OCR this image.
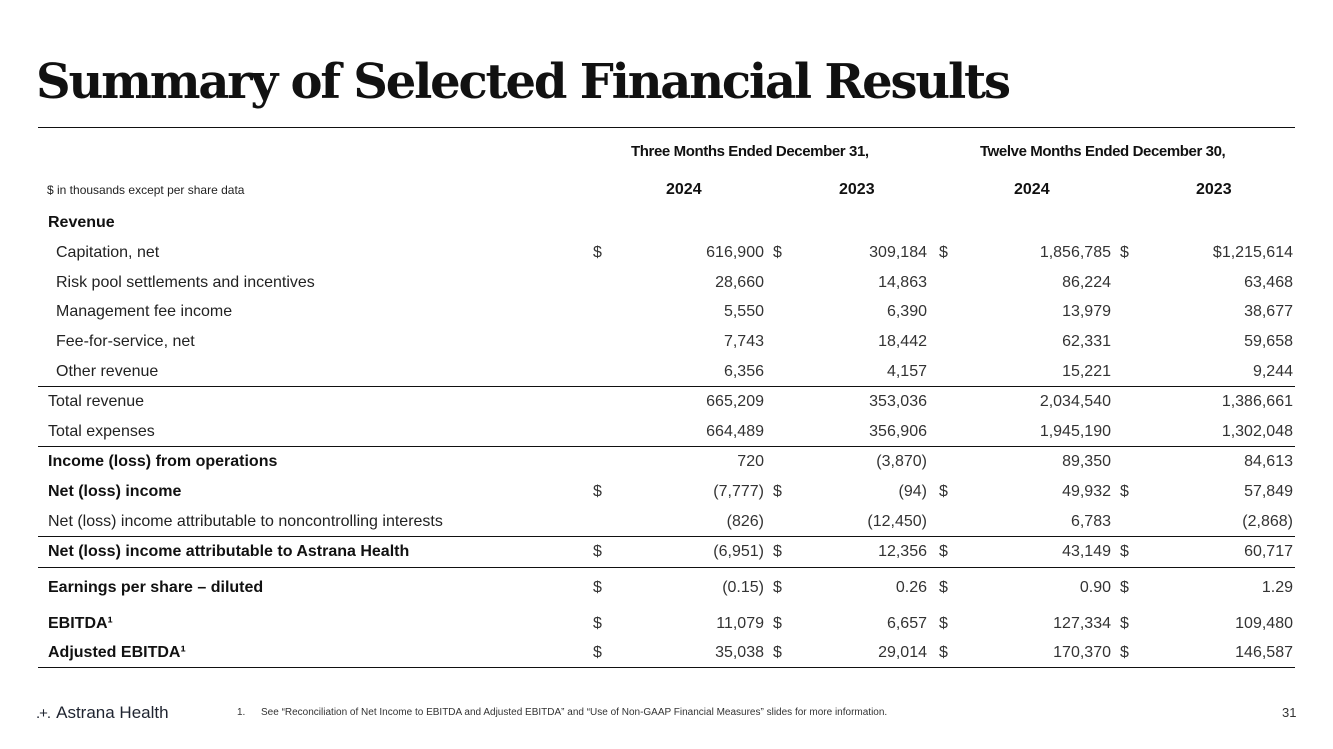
Summary of Selected Financial Results
Three Months Ended December 31,	Twelve Months Ended December 30,
$ in thousands except per share data	2024	2023	2024	2023
Revenue
Capitation, net	$	616,900 $	309,184 $	1,856,785 $	$1,215,614
Risk pool settlements and incentives	28,660	14,863	86,224	63,468
Management fee income	5,550	6,390	13,979	38,677
Fee-for-service, net	7,743	18,442	62,331	59,658
Other revenue	6,356	4,157	15,221	9,244
Total revenue	665,209	353,036	2,034,540	1,386,661
Total expenses	664,489	356,906	1,945,190	1,302,048
Income (loss) from operations	720	(3,870)	89,350	84,613
Net (loss) income	$	(7,777) $	(94) $	49,932 $	57,849
Net (loss) income attributable to noncontrolling interests	(826)	(12,450)	6,783	(2,868)
Net (loss) income attributable to Astrana Health	$	(6,951) $	12,356 $	43,149 $	60,717
Earnings per share – diluted	$	(0.15) $	0.26 $	0.90 $	1.29
EBITDA¹	$	11,079 $	6,657 $	127,334 $	109,480
Adjusted EBITDA¹	$	35,038 $	29,014 $	170,370 $	146,587
.+. Astrana Health	1. See “Reconciliation of Net Income to EBITDA and Adjusted EBITDA” and “Use of Non-GAAP Financial Measures” slides for more information.	31
